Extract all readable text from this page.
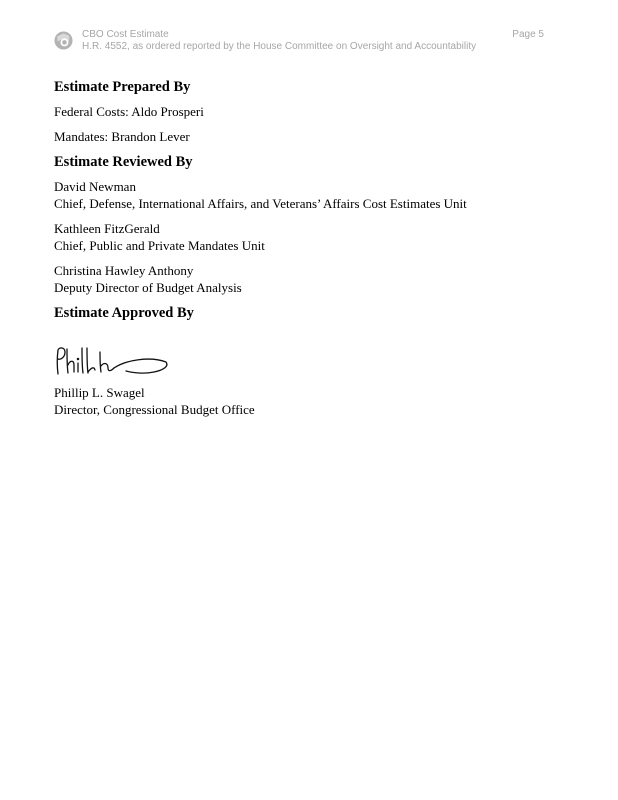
CBO Cost Estimate
H.R. 4552, as ordered reported by the House Committee on Oversight and Accountability
Page 5
Estimate Prepared By

Federal Costs: Aldo Prosperi

Mandates: Brandon Lever

Estimate Reviewed By

David Newman

Chief, Defense, International Affairs, and Veterans’ Affairs Cost Estimates Unit

Kathleen FitzGerald

Chief, Public and Private Mandates Unit

Christina Hawley Anthony

Deputy Director of Budget Analysis

Estimate Approved By

Phillip L. Swagel

Director, Congressional Budget Office
